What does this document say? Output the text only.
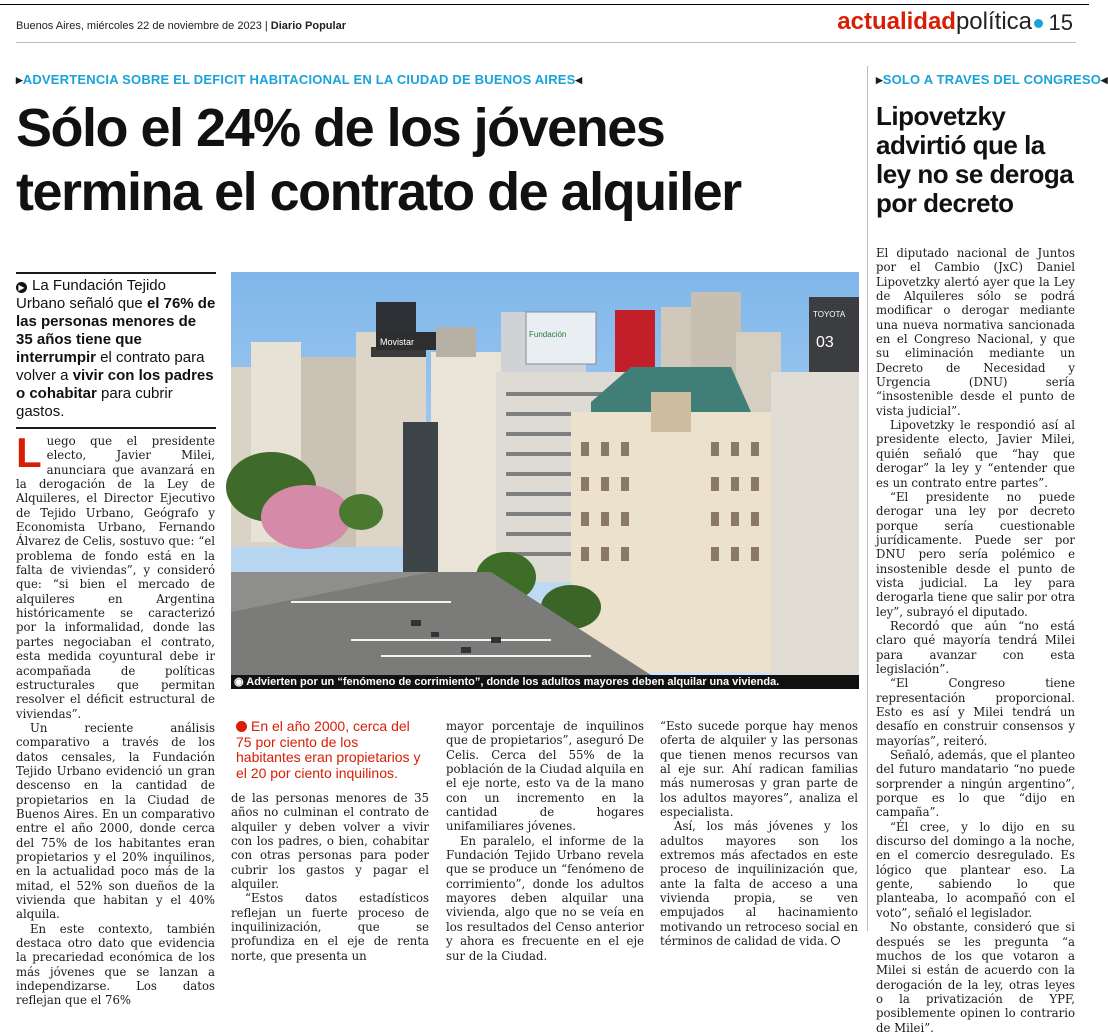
Buenos Aires, miércoles 22 de noviembre de 2023 | Diario Popular	actualidadpolítica 15
▸ADVERTENCIA SOBRE EL DEFICIT HABITACIONAL EN LA CIUDAD DE BUENOS AIRES◂
Sólo el 24% de los jóvenes
termina el contrato de alquiler
▶ La Fundación Tejido Urbano señaló que el 76% de las personas menores de 35 años tiene que interrumpir el contrato para volver a vivir con los padres o cohabitar para cubrir gastos.

Luego que el presidente electo, Javier Milei, anunciara que avanzará en la derogación de la Ley de Alquileres, el Director Ejecutivo de Tejido Urbano, Geógrafo y Economista Urbano, Fernando Álvarez de Celis, sostuvo que: “el problema de fondo está en la falta de viviendas”, y consideró que: “si bien el mercado de alquileres en Argentina históricamente se caracterizó por la informalidad, donde las partes negociaban el contrato, esta medida coyuntural debe ir acompañada de políticas estructurales que permitan resolver el déficit estructural de viviendas”.

Un reciente análisis comparativo a través de los datos censales, la Fundación Tejido Urbano evidenció un gran descenso en la cantidad de propietarios en la Ciudad de Buenos Aires. En un comparativo entre el año 2000, donde cerca del 75% de los habitantes eran propietarios y el 20% inquilinos, en la actualidad poco más de la mitad, el 52% son dueños de la vivienda que habitan y el 40% alquila.

En este contexto, también destaca otro dato que evidencia la precariedad económica de los más jóvenes que se lanzan a independizarse. Los datos reflejan que el 76%

Movistar
Fundación
TOYOTA
03
◉ Advierten por un “fenómeno de corrimiento”, donde los adultos mayores deben alquilar una vivienda.
En el año 2000, cerca del 75 por ciento de los habitantes eran propietarios y el 20 por ciento inquilinos.

de las personas menores de 35 años no culminan el contrato de alquiler y deben volver a vivir con los padres, o bien, cohabitar con otras personas para poder cubrir los gastos y pagar el alquiler.

“Estos datos estadísticos reflejan un fuerte proceso de inquilinización, que se profundiza en el eje de renta norte, que presenta un

mayor porcentaje de inquilinos que de propietarios”, aseguró De Celis. Cerca del 55% de la población de la Ciudad alquila en el eje norte, esto va de la mano con un incremento en la cantidad de hogares unifamiliares jóvenes.

En paralelo, el informe de la Fundación Tejido Urbano revela que se produce un “fenómeno de corrimiento”, donde los adultos mayores deben alquilar una vivienda, algo que no se veía en los resultados del Censo anterior y ahora es frecuente en el eje sur de la Ciudad.

“Esto sucede porque hay menos oferta de alquiler y las personas que tienen menos recursos van al eje sur. Ahí radican familias más numerosas y gran parte de los adultos mayores”, analiza el especialista.

Así, los más jóvenes y los adultos mayores son los extremos más afectados en este proceso de inquilinización que, ante la falta de acceso a una vivienda propia, se ven empujados al hacinamiento motivando un retroceso social en términos de calidad de vida.

▸SOLO A TRAVES DEL CONGRESO◂
Lipovetzky advirtió que la ley no se deroga por decreto

El diputado nacional de Juntos por el Cambio (JxC) Daniel Lipovetzky alertó ayer que la Ley de Alquileres sólo se podrá modificar o derogar mediante una nueva normativa sancionada en el Congreso Nacional, y que su eliminación mediante un Decreto de Necesidad y Urgencia (DNU) sería “insostenible desde el punto de vista judicial”.

Lipovetzky le respondió así al presidente electo, Javier Milei, quién señaló que “hay que derogar” la ley y “entender que es un contrato entre partes”.

“El presidente no puede derogar una ley por decreto porque sería cuestionable jurídicamente. Puede ser por DNU pero sería polémico e insostenible desde el punto de vista judicial. La ley para derogarla tiene que salir por otra ley”, subrayó el diputado.

Recordó que aún “no está claro qué mayoría tendrá Milei para avanzar con esta legislación”.

“El Congreso tiene representación proporcional. Esto es así y Milei tendrá un desafío en construir consensos y mayorías”, reiteró.

Señaló, además, que el planteo del futuro mandatario “no puede sorprender a ningún argentino”, porque es lo que “dijo en campaña”.

“Él cree, y lo dijo en su discurso del domingo a la noche, en el comercio desregulado. Es lógico que plantear eso. La gente, sabiendo lo que planteaba, lo acompañó con el voto”, señaló el legislador.

No obstante, consideró que si después se les pregunta “a muchos de los que votaron a Milei si están de acuerdo con la derogación de la ley, otras leyes o la privatización de YPF, posiblemente opinen lo contrario de Milei”.
